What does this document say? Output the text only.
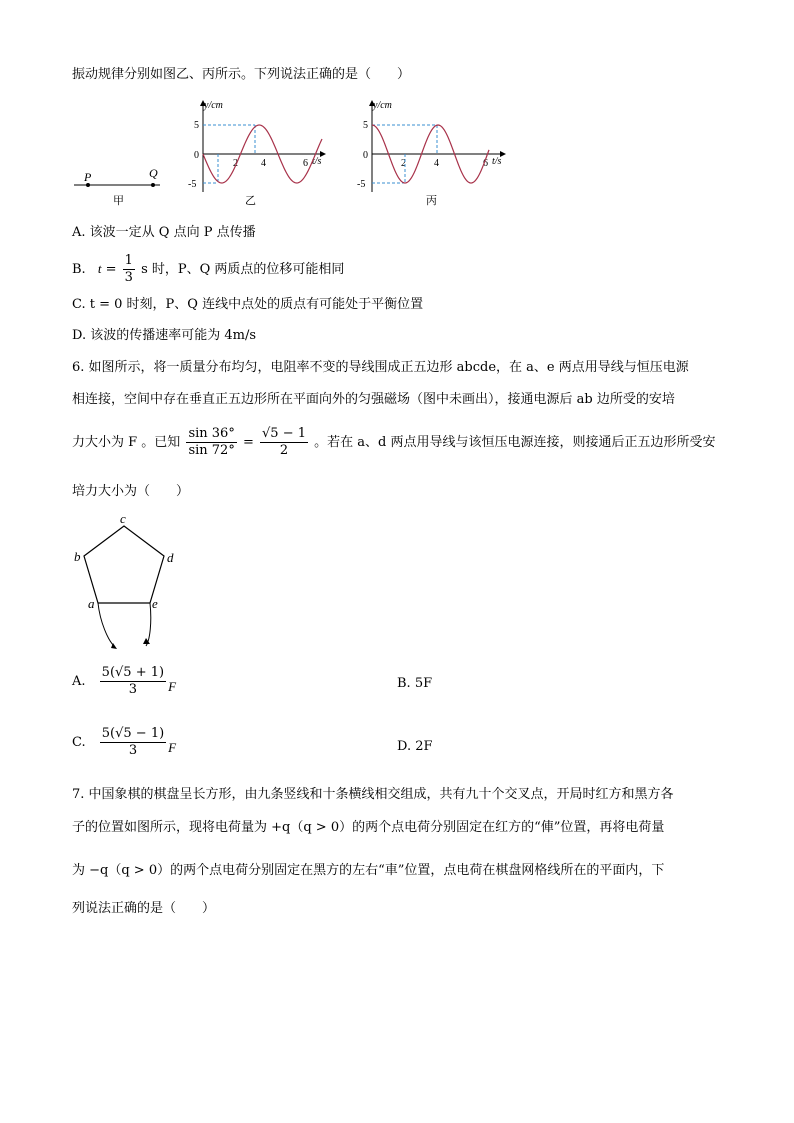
振动规律分别如图乙、丙所示。下列说法正确的是（　　）
P	Q
甲
y/cm
t/s
5
0
-5
2 4	6
乙
y/cm
t/s
5
0
-5
2	4	6
丙
A. 该波一定从 Q 点向 P 点传播
B. $t = \frac{1}{3}$ s 时，P、Q 两质点的位移可能相同
C. t = 0 时刻，P、Q 连线中点处的质点有可能处于平衡位置
D. 该波的传播速率可能为 4m/s
6. 如图所示，将一质量分布均匀，电阻率不变的导线围成正五边形 abcde，在 a、e 两点用导线与恒压电源
相连接，空间中存在垂直正五边形所在平面向外的匀强磁场（图中未画出），接通电源后 ab 边所受的安培
力大小为 F 。已知 $\frac{\sin 36^\circ}{\sin 72^\circ} = \frac{√5 - 1}{2}$ 。若在 a、d 两点用导线与该恒压电源连接，则接通后正五边形所受安
培力大小为（　　）
c
b	d
a	e
A. $\frac{5(√5 + 1)}{3}$ F	B. 5F
C. $\frac{5(√5 - 1)}{3}$ F	D. 2F
7. 中国象棋的棋盘呈长方形，由九条竖线和十条横线相交组成，共有九十个交叉点，开局时红方和黑方各
子的位置如图所示，现将电荷量为 +q（q > 0）的两个点电荷分别固定在红方的“俥”位置，再将电荷量
为 −q（q > 0）的两个点电荷分别固定在黑方的左右“車”位置，点电荷在棋盘网格线所在的平面内，下
列说法正确的是（　　）
